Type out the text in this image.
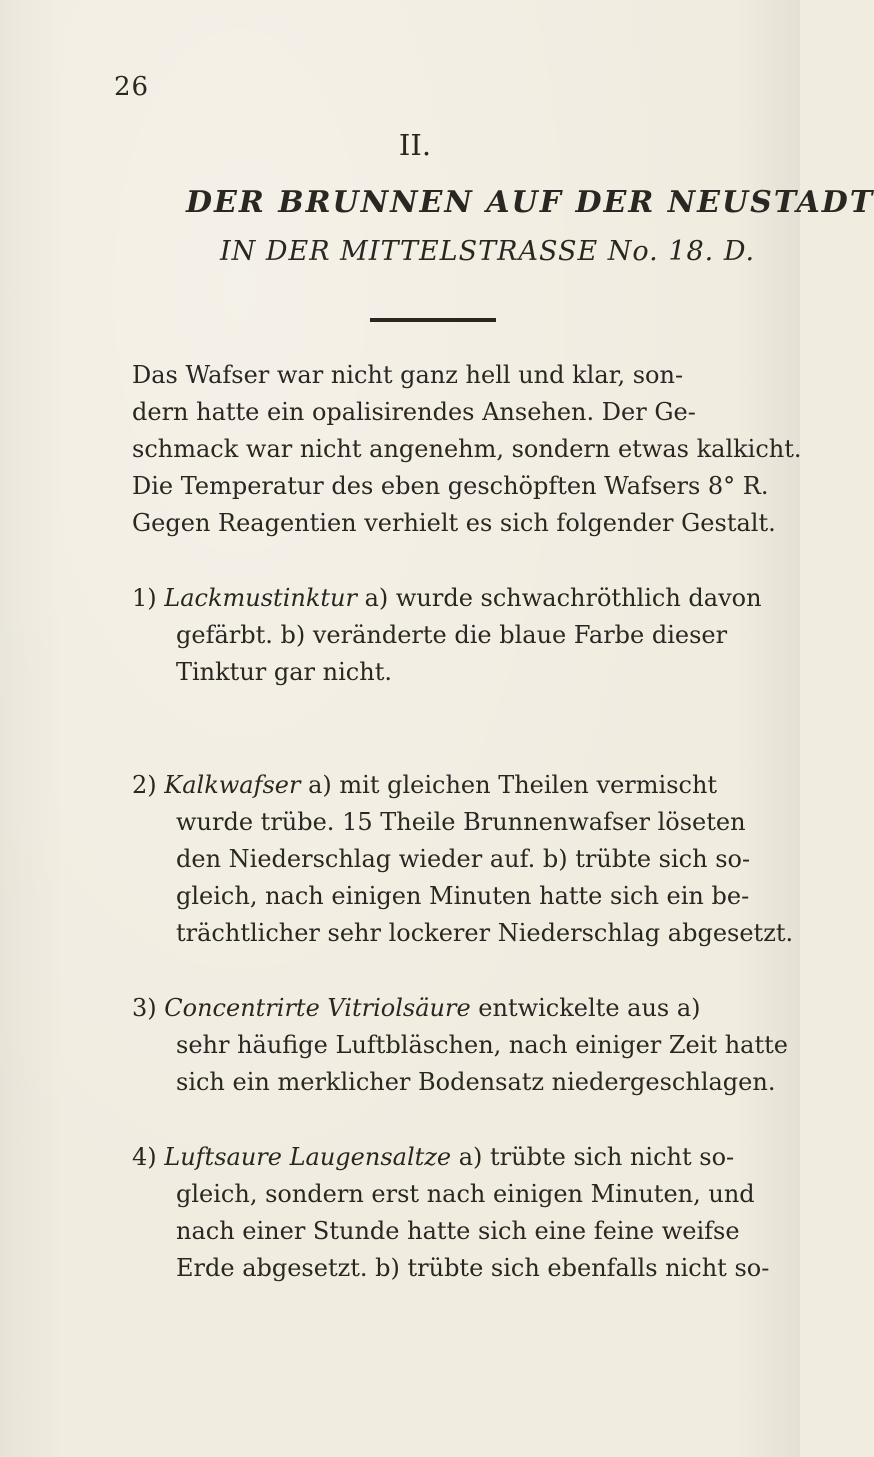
26
II.
DER BRUNNEN AUF DER NEUSTADT
IN DER MITTELSTRASSE No. 18. D.

Das Wafser war nicht ganz hell und klar, son-

dern hatte ein opalisirendes Ansehen. Der Ge-

schmack war nicht angenehm, sondern etwas kalkicht.

Die Temperatur des eben geschöpften Wafsers 8° R.

Gegen Reagentien verhielt es sich folgender Gestalt.

1) Lackmustinktur a) wurde schwachröthlich davon

gefärbt. b) veränderte die blaue Farbe dieser

Tinktur gar nicht.

2) Kalkwafser a) mit gleichen Theilen vermischt

wurde trübe. 15 Theile Brunnenwafser löseten

den Niederschlag wieder auf. b) trübte sich so-

gleich, nach einigen Minuten hatte sich ein be-

trächtlicher sehr lockerer Niederschlag abgesetzt.

3) Concentrirte Vitriolsäure entwickelte aus a)

sehr häufige Luftbläschen, nach einiger Zeit hatte

sich ein merklicher Bodensatz niedergeschlagen.

4) Luftsaure Laugensaltze a) trübte sich nicht so-

gleich, sondern erst nach einigen Minuten, und

nach einer Stunde hatte sich eine feine weifse

Erde abgesetzt. b) trübte sich ebenfalls nicht so-
